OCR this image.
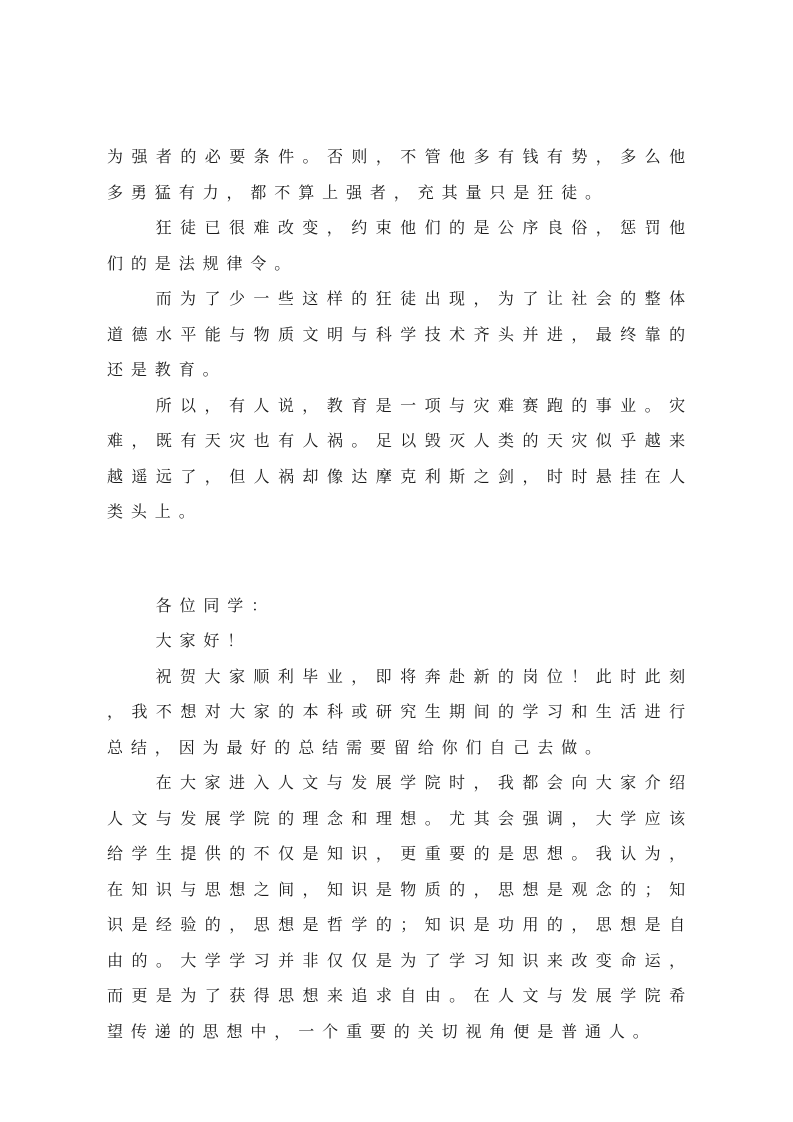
为强者的必要条件。否则，不管他多有钱有势，多么他多勇猛有力，都不算上强者，充其量只是狂徒。

狂徒已很难改变，约束他们的是公序良俗，惩罚他们的是法规律令。

而为了少一些这样的狂徒出现，为了让社会的整体道德水平能与物质文明与科学技术齐头并进，最终靠的还是教育。

所以，有人说，教育是一项与灾难赛跑的事业。灾难，既有天灾也有人祸。足以毁灭人类的天灾似乎越来越遥远了，但人祸却像达摩克利斯之剑，时时悬挂在人类头上。

各位同学：

大家好！

祝贺大家顺利毕业，即将奔赴新的岗位！此时此刻，我不想对大家的本科或研究生期间的学习和生活进行总结，因为最好的总结需要留给你们自己去做。

在大家进入人文与发展学院时，我都会向大家介绍人文与发展学院的理念和理想。尤其会强调，大学应该给学生提供的不仅是知识，更重要的是思想。我认为，在知识与思想之间，知识是物质的，思想是观念的；知识是经验的，思想是哲学的；知识是功用的，思想是自由的。大学学习并非仅仅是为了学习知识来改变命运，而更是为了获得思想来追求自由。在人文与发展学院希望传递的思想中，一个重要的关切视角便是普通人。
